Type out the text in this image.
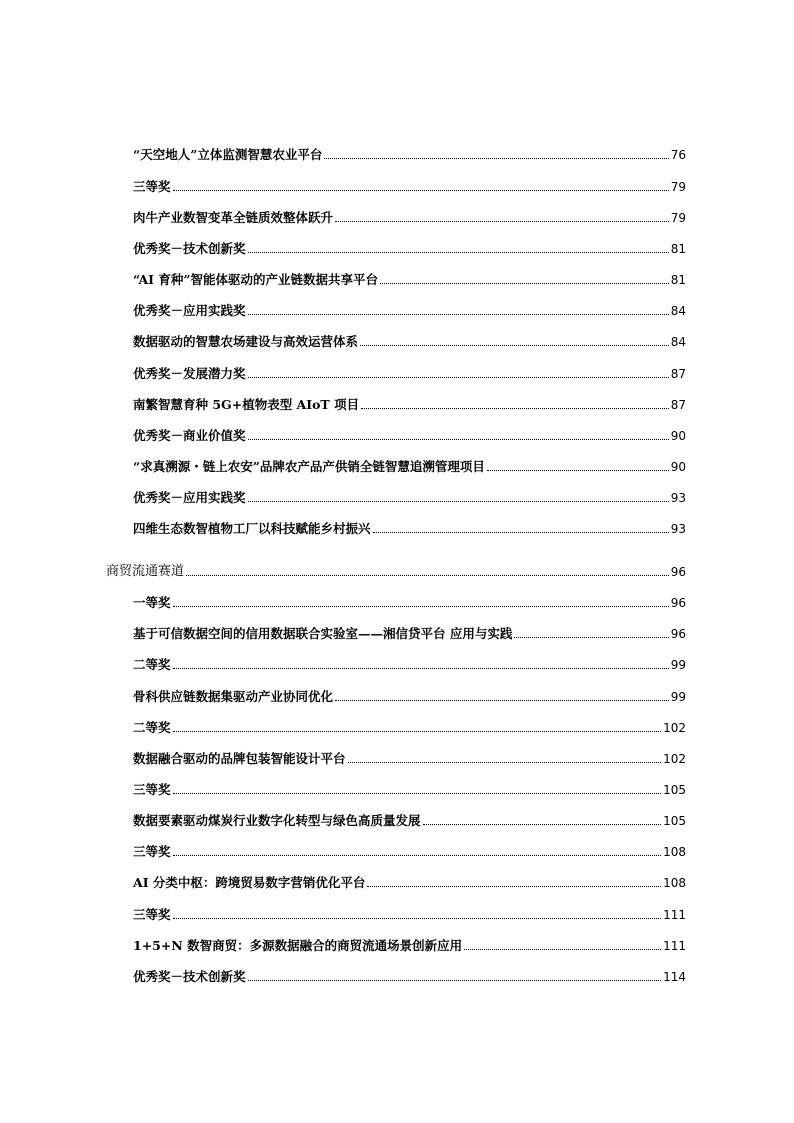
“天空地人”立体监测智慧农业平台	76
三等奖	79
肉牛产业数智变革全链质效整体跃升	79
优秀奖－技术创新奖	81
“AI 育种”智能体驱动的产业链数据共享平台	81
优秀奖－应用实践奖	84
数据驱动的智慧农场建设与高效运营体系	84
优秀奖－发展潜力奖	87
南繁智慧育种 5G+植物表型 AIoT 项目	87
优秀奖－商业价值奖	90
“求真溯源・链上农安”品牌农产品产供销全链智慧追溯管理项目	90
优秀奖－应用实践奖	93
四维生态数智植物工厂以科技赋能乡村振兴	93
商贸流通赛道	96
一等奖	96
基于可信数据空间的信用数据联合实验室——湘信贷平台 应用与实践	96
二等奖	99
骨科供应链数据集驱动产业协同优化	99
二等奖	102
数据融合驱动的品牌包装智能设计平台	102
三等奖	105
数据要素驱动煤炭行业数字化转型与绿色高质量发展	105
三等奖	108
AI 分类中枢：跨境贸易数字营销优化平台	108
三等奖	111
1+5+N 数智商贸：多源数据融合的商贸流通场景创新应用	111
优秀奖－技术创新奖	114
